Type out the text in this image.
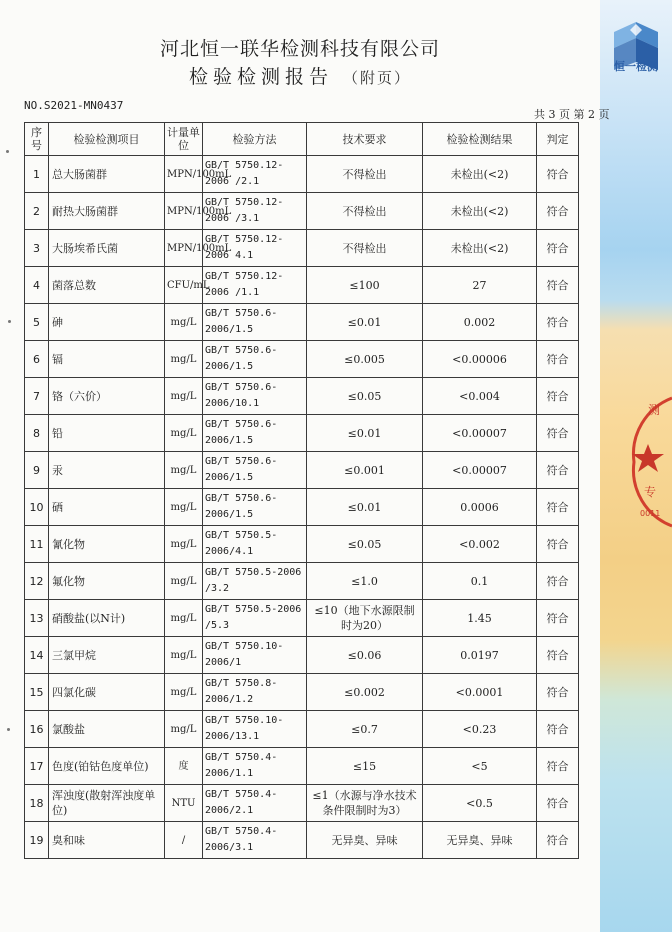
恒一检测
测
专
0011
河北恒一联华检测科技有限公司
检验检测报告 （附页）
NO.S2021-MN0437
共 3 页 第 2 页
序号	检验检测项目	计量单位	检验方法	技术要求	检验检测结果	判定
1	总大肠菌群	MPN/100mL	GB/T 5750.12-2006 /2.1	不得检出	未检出(<2)	符合
2	耐热大肠菌群	MPN/100mL	GB/T 5750.12-2006 /3.1	不得检出	未检出(<2)	符合
3	大肠埃希氏菌	MPN/100mL	GB/T 5750.12-2006 4.1	不得检出	未检出(<2)	符合
4	菌落总数	CFU/mL	GB/T 5750.12-2006 /1.1	≤100	27	符合
5	砷	mg/L	GB/T 5750.6-2006/1.5	≤0.01	0.002	符合
6	镉	mg/L	GB/T 5750.6-2006/1.5	≤0.005	<0.00006	符合
7	铬（六价）	mg/L	GB/T 5750.6-2006/10.1	≤0.05	<0.004	符合
8	铅	mg/L	GB/T 5750.6-2006/1.5	≤0.01	<0.00007	符合
9	汞	mg/L	GB/T 5750.6-2006/1.5	≤0.001	<0.00007	符合
10	硒	mg/L	GB/T 5750.6-2006/1.5	≤0.01	0.0006	符合
11	氰化物	mg/L	GB/T 5750.5-2006/4.1	≤0.05	<0.002	符合
12	氟化物	mg/L	GB/T 5750.5-2006 /3.2	≤1.0	0.1	符合
13	硝酸盐(以N计)	mg/L	GB/T 5750.5-2006 /5.3	≤10（地下水源限制时为20）	1.45	符合
14	三氯甲烷	mg/L	GB/T 5750.10-2006/1	≤0.06	0.0197	符合
15	四氯化碳	mg/L	GB/T 5750.8-2006/1.2	≤0.002	<0.0001	符合
16	氯酸盐	mg/L	GB/T 5750.10-2006/13.1	≤0.7	<0.23	符合
17	色度(铂钴色度单位)	度	GB/T 5750.4-2006/1.1	≤15	<5	符合
18	浑浊度(散射浑浊度单位)	NTU	GB/T 5750.4-2006/2.1	≤1（水源与净水技术条件限制时为3）	<0.5	符合
19	臭和味	/	GB/T 5750.4-2006/3.1	无异臭、异味	无异臭、异味	符合
